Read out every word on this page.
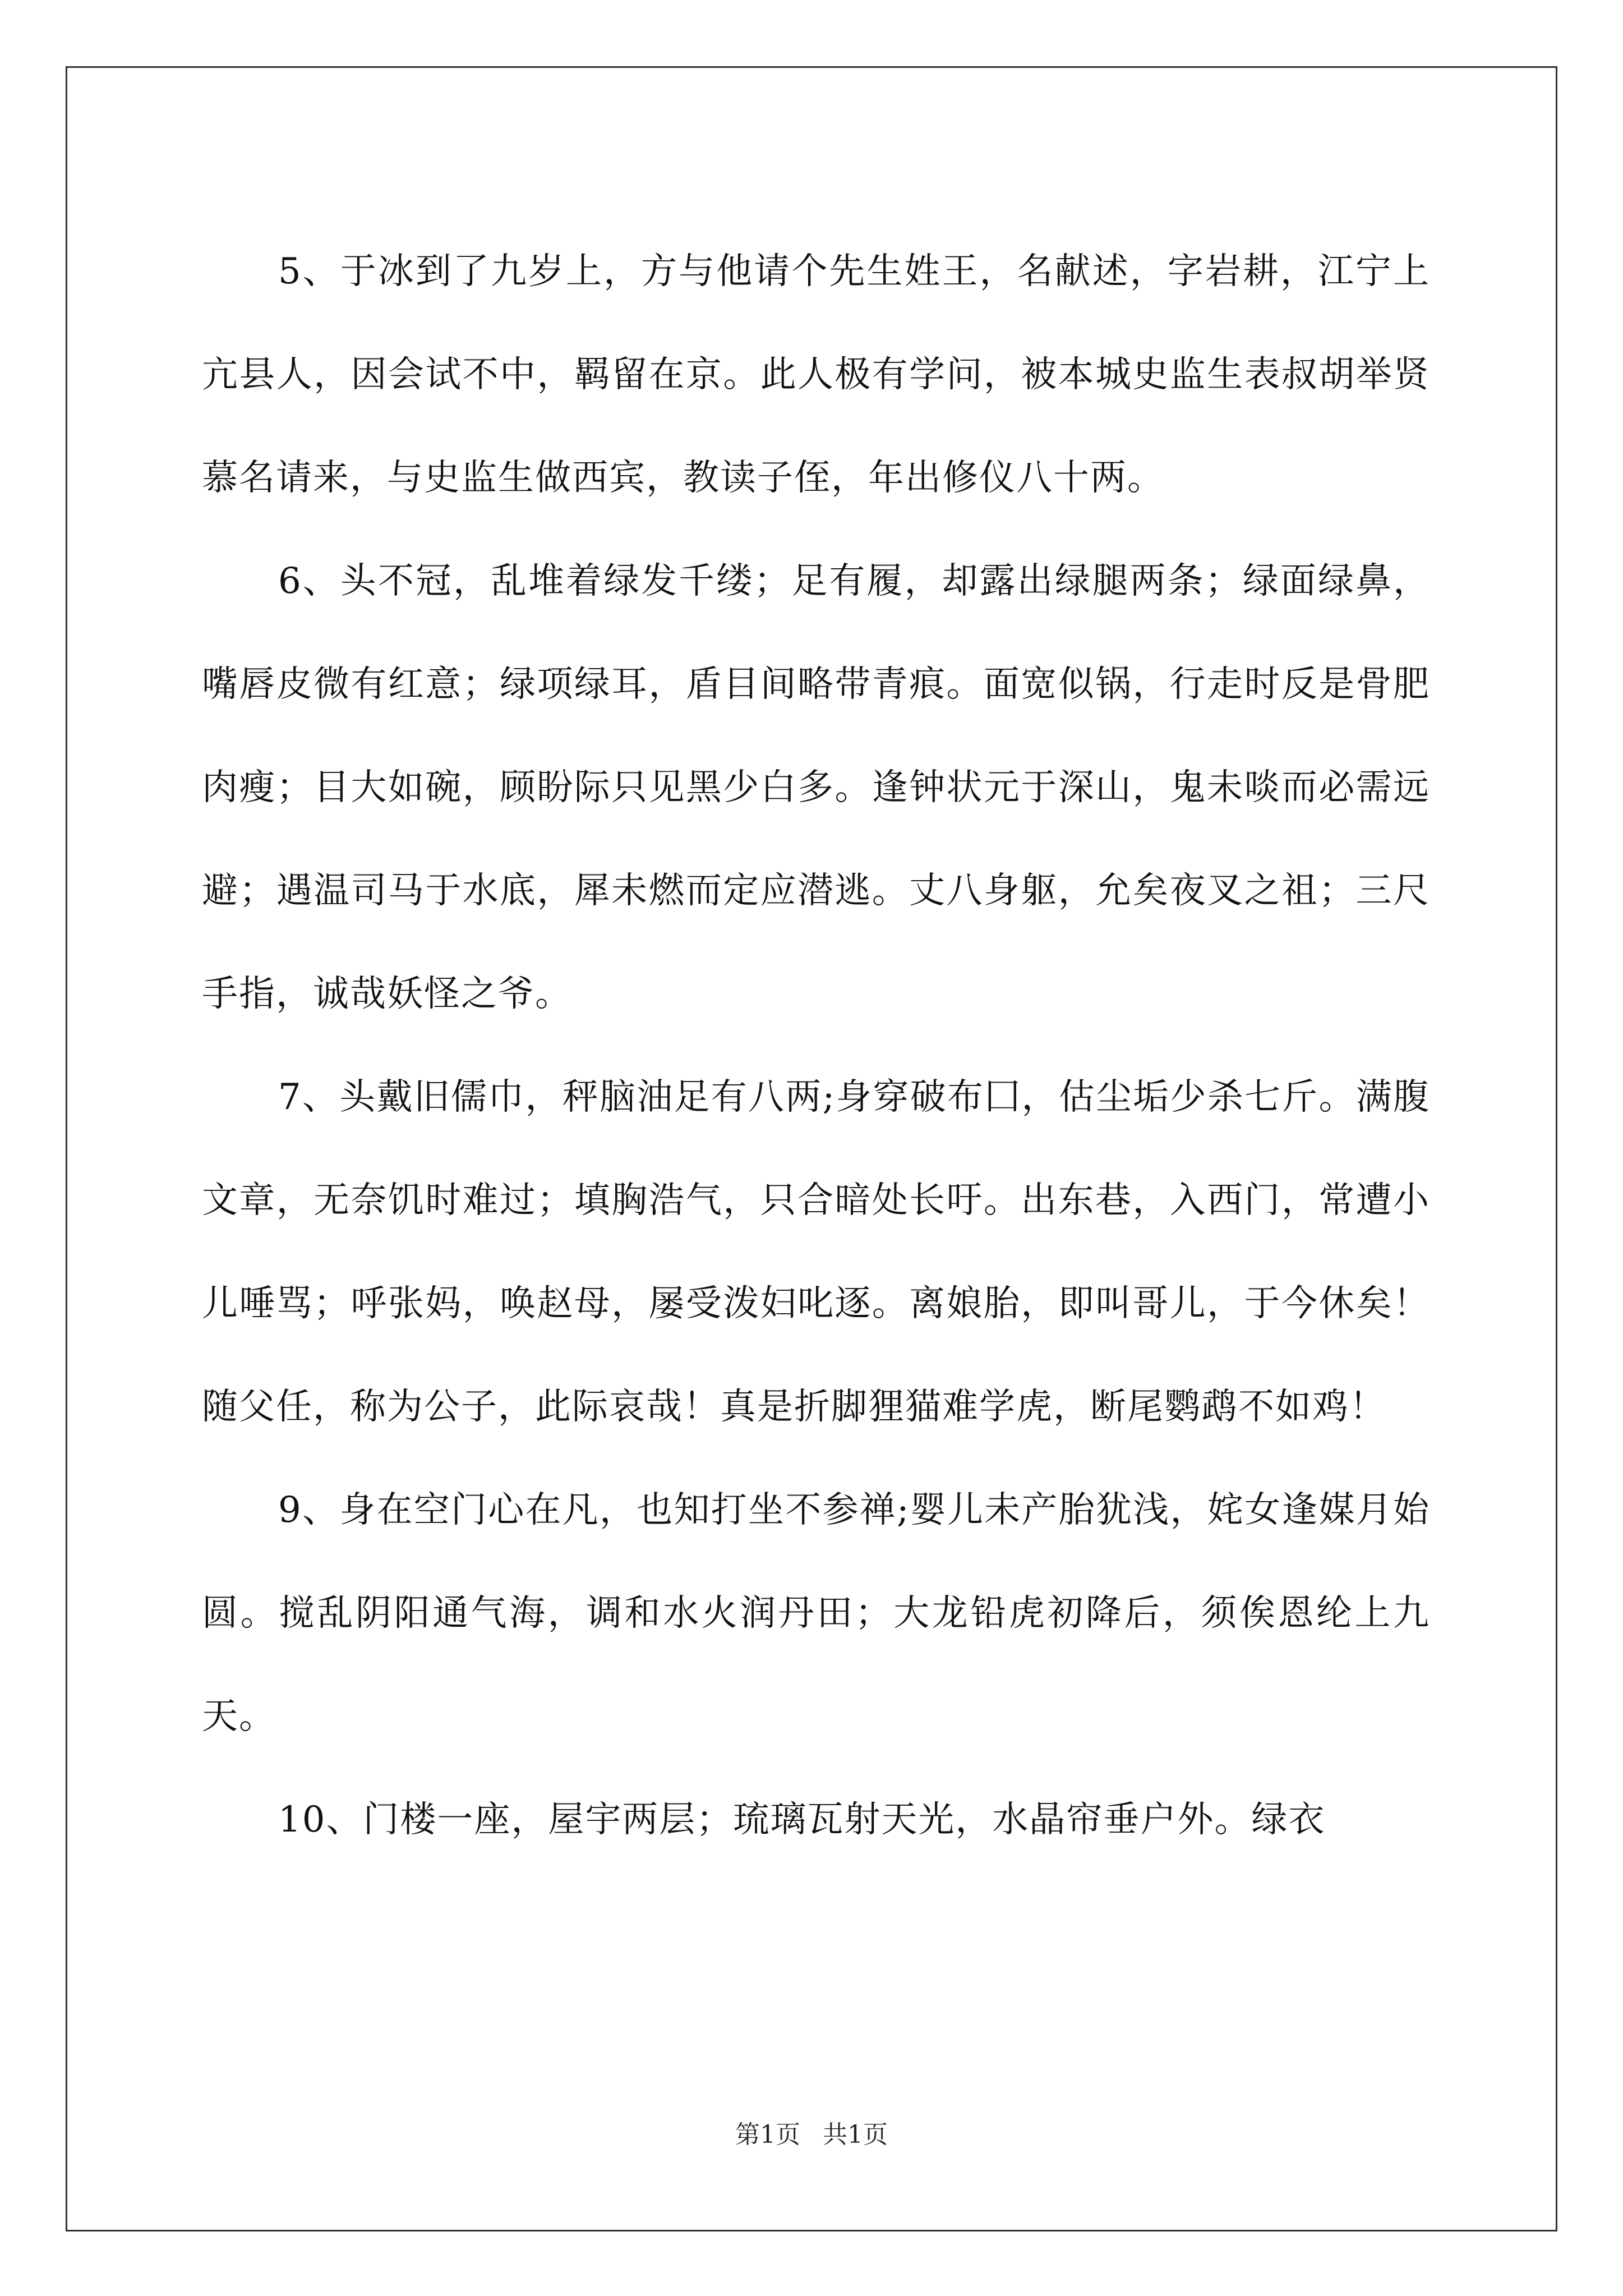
5、于冰到了九岁上，方与他请个先生姓王，名献述，字岩耕，江宁上亢县人，因会试不中，羁留在京。此人极有学问，被本城史监生表叔胡举贤慕名请来，与史监生做西宾，教读子侄，年出修仪八十两。

6、头不冠，乱堆着绿发千缕；足有履，却露出绿腿两条；绿面绿鼻，嘴唇皮微有红意；绿项绿耳，盾目间略带青痕。面宽似锅，行走时反是骨肥肉瘦；目大如碗，顾盼际只见黑少白多。逢钟状元于深山，鬼未啖而必需远避；遇温司马于水底，犀未燃而定应潜逃。丈八身躯，允矣夜叉之祖；三尺手指，诚哉妖怪之爷。

7、头戴旧儒巾，秤脑油足有八两;身穿破布囗，估尘垢少杀七斤。满腹文章，无奈饥时难过；填胸浩气，只合暗处长吁。出东巷，入西门，常遭小儿唾骂；呼张妈，唤赵母，屡受泼妇叱逐。离娘胎，即叫哥儿，于今休矣！随父任，称为公子，此际哀哉！真是折脚狸猫难学虎，断尾鹦鹉不如鸡！

9、身在空门心在凡，也知打坐不参禅;婴儿未产胎犹浅，姹女逢媒月始圆。搅乱阴阳通气海，调和水火润丹田；大龙铅虎初降后，须俟恩纶上九天。

10、门楼一座，屋宇两层；琉璃瓦射天光，水晶帘垂户外。绿衣

第1页 共1页
